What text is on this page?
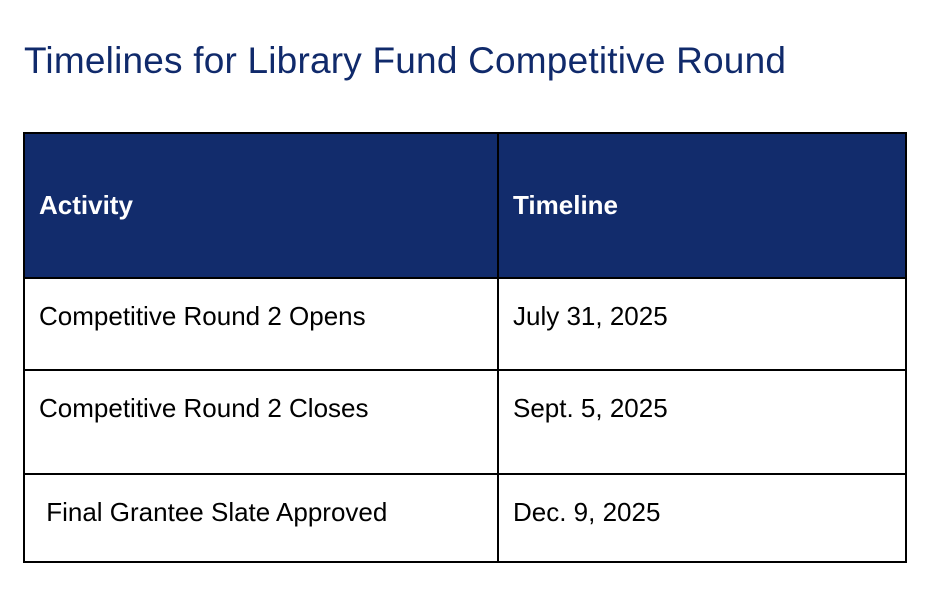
Timelines for Library Fund Competitive Round
Activity	Timeline
Competitive Round 2 Opens	July 31, 2025
Competitive Round 2 Closes	Sept. 5, 2025
Final Grantee Slate Approved	Dec. 9, 2025
